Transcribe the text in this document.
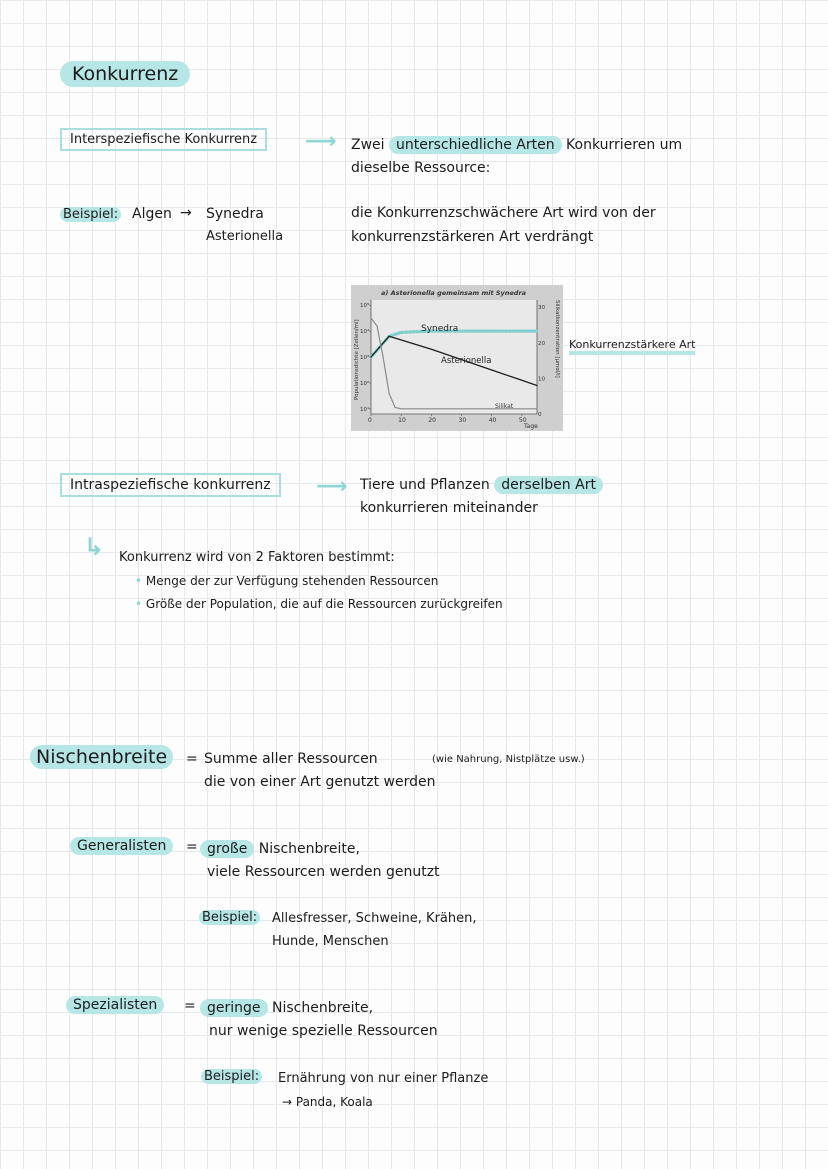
Konkurrenz
Interspeziefische Konkurrenz	⟶ Zwei unterschiedliche Arten Konkurrieren um
dieselbe Ressource:
Beispiel: Algen → Synedra
Asterionella
die Konkurrenzschwächere Art wird von der
konkurrenzstärkeren Art verdrängt
a) Asterionella gemeinsam mit Synedra
Populationsdichte [Zellen/ml]	Silikatkonzentration [µmol/l]
Tage
0	10	20	30	40	50
10¹
10²
10³
10⁴
10⁵
0
10
20
30
Synedra
Asterionella
Silikat
Konkurrenzstärkere Art
Intraspeziefische konkurrenz	⟶ Tiere und Pflanzen derselben Art
konkurrieren miteinander
↳ Konkurrenz wird von 2 Faktoren bestimmt:
• Menge der zur Verfügung stehenden Ressourcen
• Größe der Population, die auf die Ressourcen zurückgreifen
Nischenbreite	= Summe aller Ressourcen	(wie Nahrung, Nistplätze usw.)
die von einer Art genutzt werden
Generalisten	= große Nischenbreite,
viele Ressourcen werden genutzt
Beispiel: Allesfresser, Schweine, Krähen,
Hunde, Menschen
Spezialisten	= geringe Nischenbreite,
nur wenige spezielle Ressourcen
Beispiel: Ernährung von nur einer Pflanze
→ Panda, Koala
